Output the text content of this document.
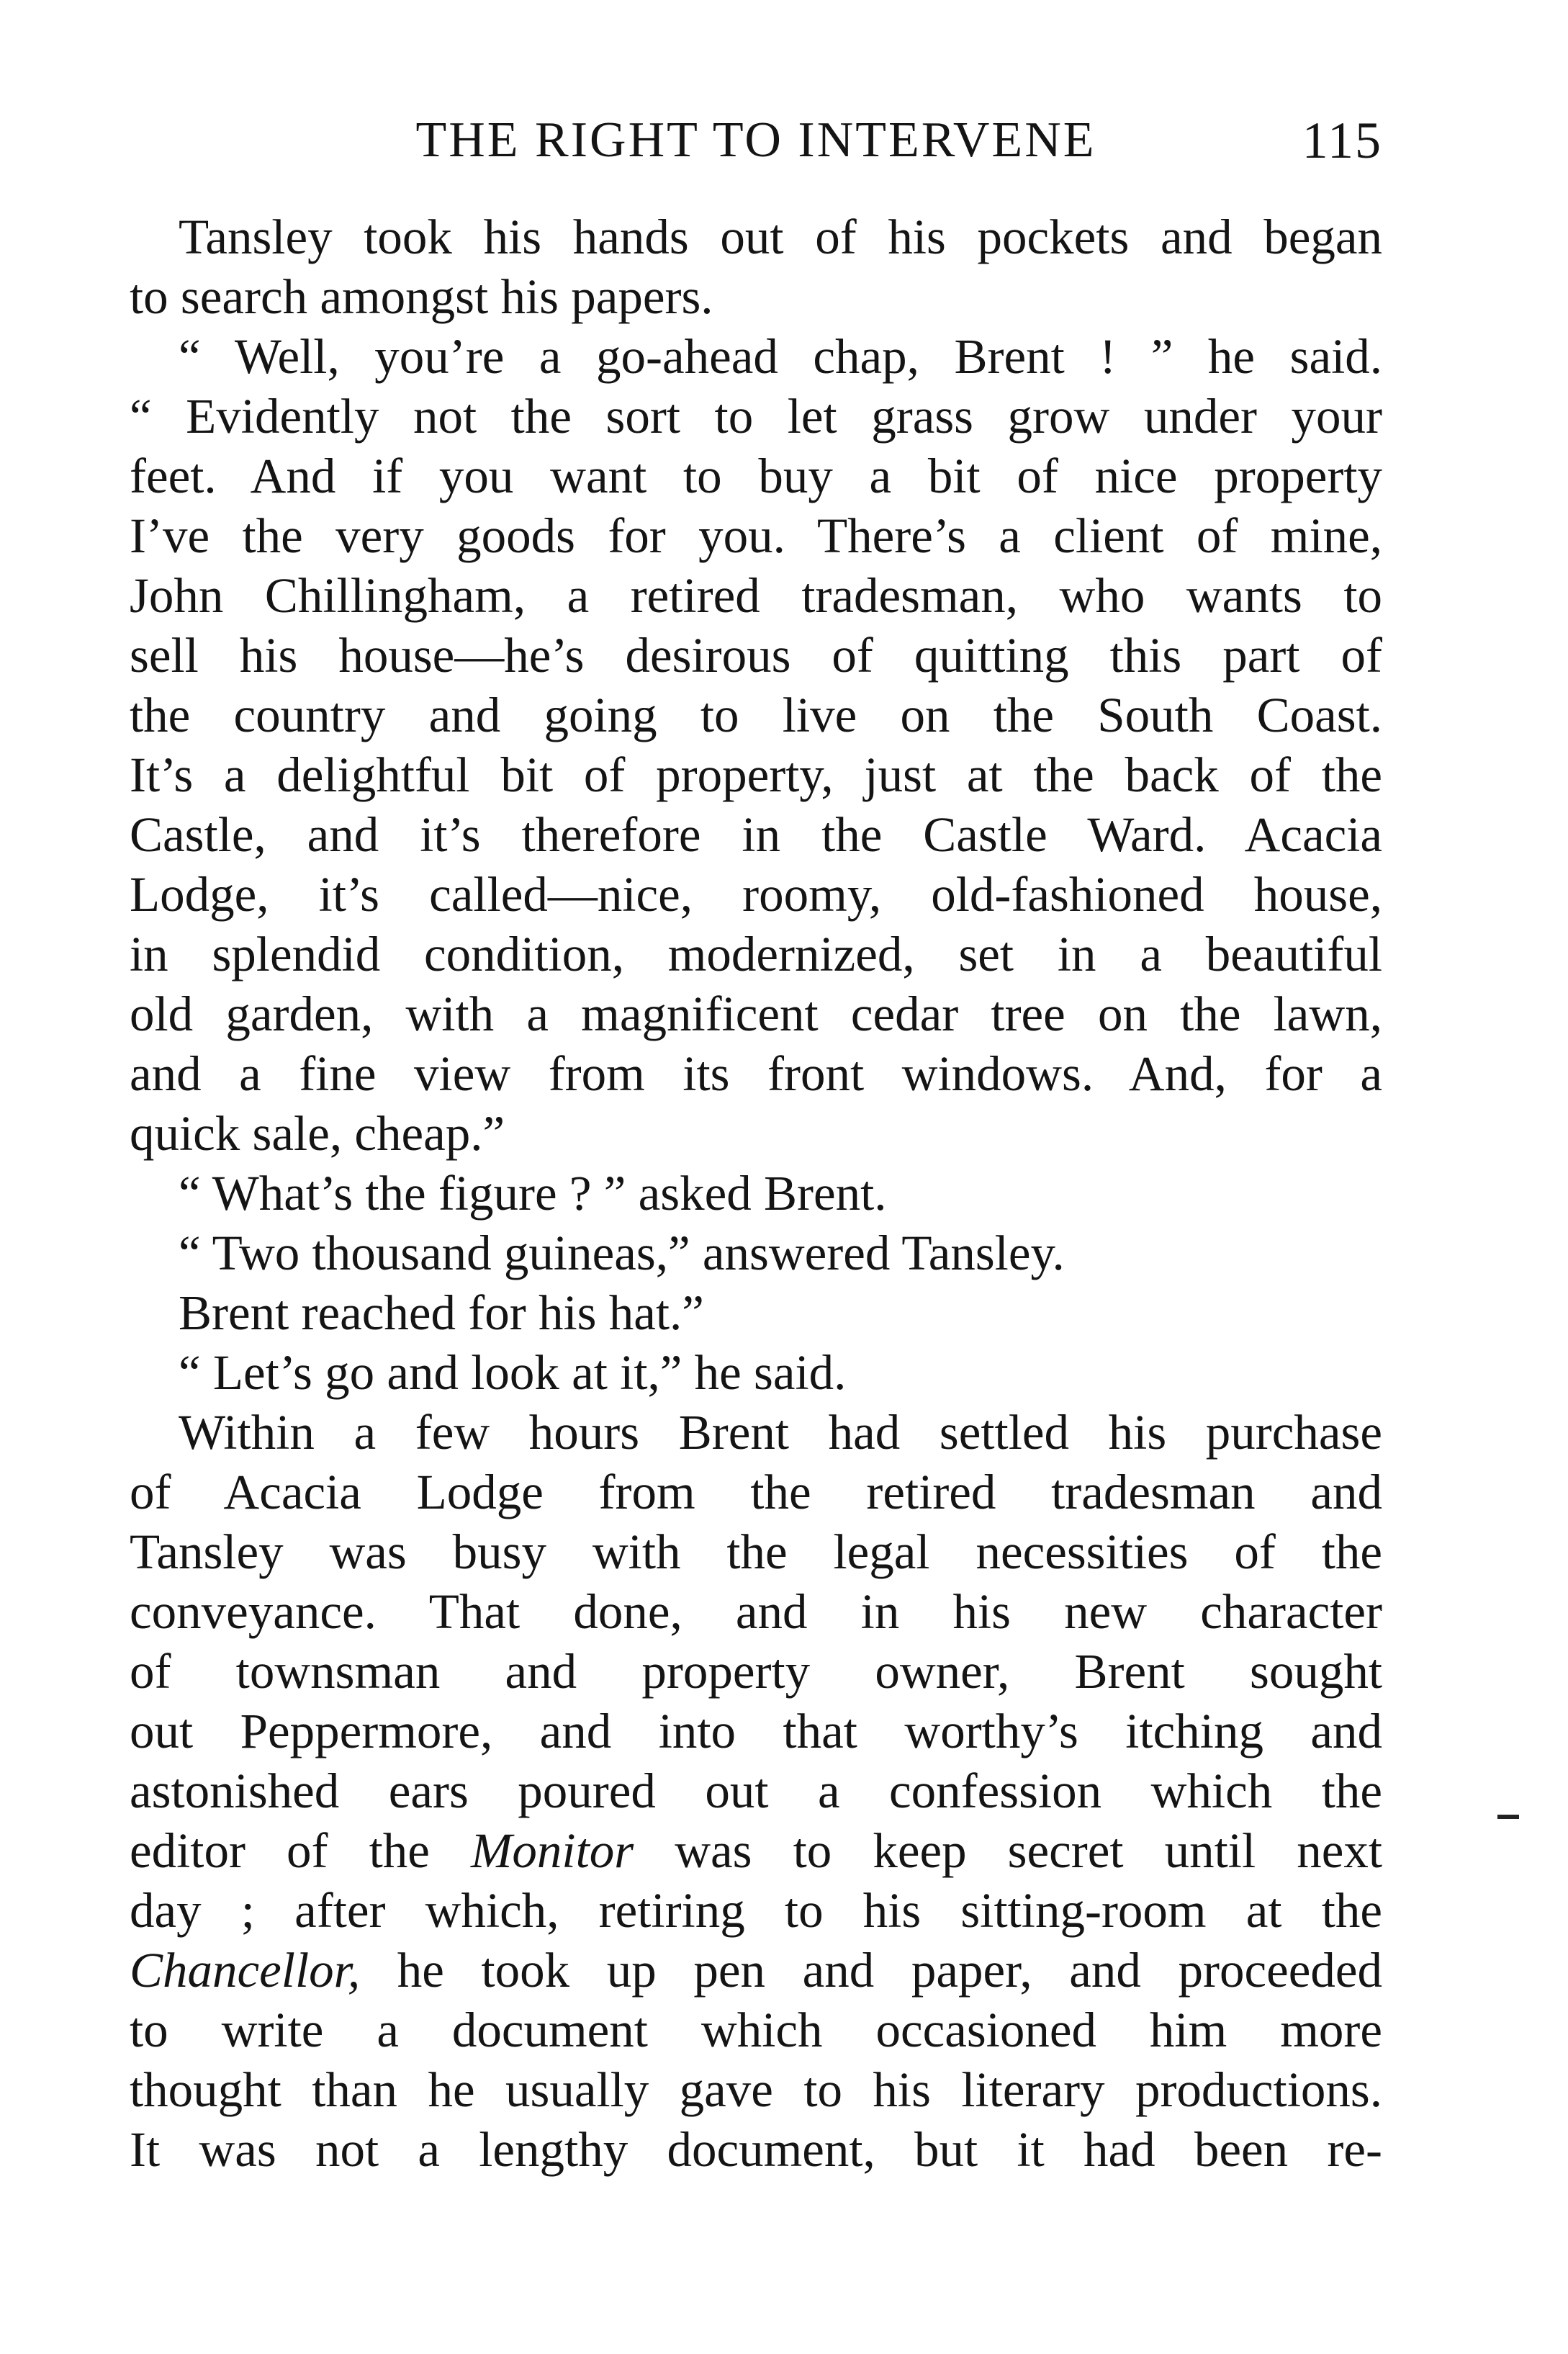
THE RIGHT TO INTERVENE	115
Tansley took his hands out of his pockets and began
to search amongst his papers.
“ Well, you’re a go-ahead chap, Brent ! ” he said.
“ Evidently not the sort to let grass grow under your
feet. And if you want to buy a bit of nice property
I’ve the very goods for you. There’s a client of mine,
John Chillingham, a retired tradesman, who wants to
sell his house—he’s desirous of quitting this part of
the country and going to live on the South Coast.
It’s a delightful bit of property, just at the back of the
Castle, and it’s therefore in the Castle Ward. Acacia
Lodge, it’s called—nice, roomy, old-fashioned house,
in splendid condition, modernized, set in a beautiful
old garden, with a magnificent cedar tree on the lawn,
and a fine view from its front windows. And, for a
quick sale, cheap.”
“ What’s the figure ? ” asked Brent.
“ Two thousand guineas,” answered Tansley.
Brent reached for his hat.”
“ Let’s go and look at it,” he said.
Within a few hours Brent had settled his purchase
of Acacia Lodge from the retired tradesman and
Tansley was busy with the legal necessities of the
conveyance. That done, and in his new character
of townsman and property owner, Brent sought
out Peppermore, and into that worthy’s itching and
astonished ears poured out a confession which the
editor of the Monitor was to keep secret until next
day ; after which, retiring to his sitting-room at the
Chancellor, he took up pen and paper, and proceeded
to write a document which occasioned him more
thought than he usually gave to his literary productions.
It was not a lengthy document, but it had been re-
